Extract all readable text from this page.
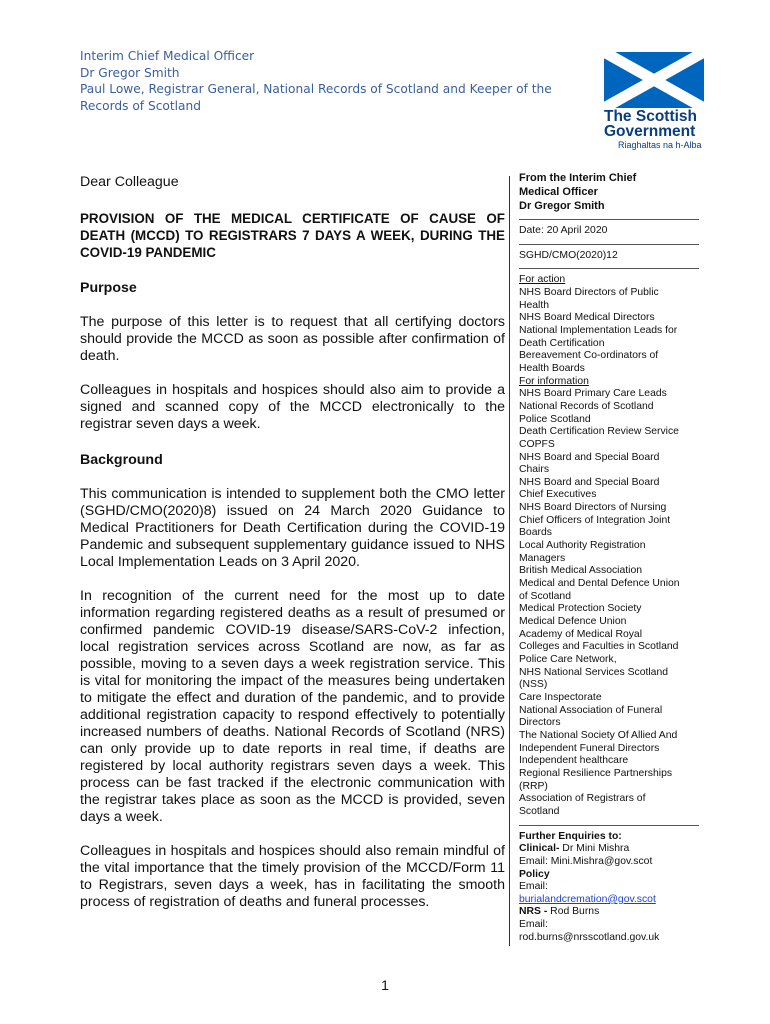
Interim Chief Medical Officer
Dr Gregor Smith
Paul Lowe, Registrar General, National Records of Scotland and Keeper of the
Records of Scotland
The Scottish
Government
Riaghaltas na h-Alba

Dear Colleague

PROVISION OF THE MEDICAL CERTIFICATE OF CAUSE OF DEATH (MCCD) TO REGISTRARS 7 DAYS A WEEK, DURING THE COVID-19 PANDEMIC

Purpose

The purpose of this letter is to request that all certifying doctors should provide the MCCD as soon as possible after confirmation of death.

Colleagues in hospitals and hospices should also aim to provide a signed and scanned copy of the MCCD electronically to the registrar seven days a week.

Background

This communication is intended to supplement both the CMO letter (SGHD/CMO(2020)8) issued on 24 March 2020 Guidance to Medical Practitioners for Death Certification during the COVID-19 Pandemic and subsequent supplementary guidance issued to NHS Local Implementation Leads on 3 April 2020.

In recognition of the current need for the most up to date information regarding registered deaths as a result of presumed or confirmed pandemic COVID-19 disease/SARS-CoV-2 infection, local registration services across Scotland are now, as far as possible, moving to a seven days a week registration service. This is vital for monitoring the impact of the measures being undertaken to mitigate the effect and duration of the pandemic, and to provide additional registration capacity to respond effectively to potentially increased numbers of deaths. National Records of Scotland (NRS) can only provide up to date reports in real time, if deaths are registered by local authority registrars seven days a week. This process can be fast tracked if the electronic communication with the registrar takes place as soon as the MCCD is provided, seven days a week.

Colleagues in hospitals and hospices should also remain mindful of the vital importance that the timely provision of the MCCD/Form 11 to Registrars, seven days a week, has in facilitating the smooth process of registration of deaths and funeral processes.

From the Interim Chief
Medical Officer
Dr Gregor Smith
Date: 20 April 2020
SGHD/CMO(2020)12
For action
NHS Board Directors of Public
Health
NHS Board Medical Directors
National Implementation Leads for
Death Certification
Bereavement Co-ordinators of
Health Boards
For information
NHS Board Primary Care Leads
National Records of Scotland
Police Scotland
Death Certification Review Service
COPFS
NHS Board and Special Board
Chairs
NHS Board and Special Board
Chief Executives
NHS Board Directors of Nursing
Chief Officers of Integration Joint
Boards
Local Authority Registration
Managers
British Medical Association
Medical and Dental Defence Union
of Scotland
Medical Protection Society
Medical Defence Union
Academy of Medical Royal
Colleges and Faculties in Scotland
Police Care Network,
NHS National Services Scotland
(NSS)
Care Inspectorate
National Association of Funeral
Directors
The National Society Of Allied And
Independent Funeral Directors
Independent healthcare
Regional Resilience Partnerships
(RRP)
Association of Registrars of
Scotland
Further Enquiries to:
Clinical- Dr Mini Mishra
Email: Mini.Mishra@gov.scot
Policy
Email:
burialandcremation@gov.scot
NRS - Rod Burns
Email:
rod.burns@nrsscotland.gov.uk
1
